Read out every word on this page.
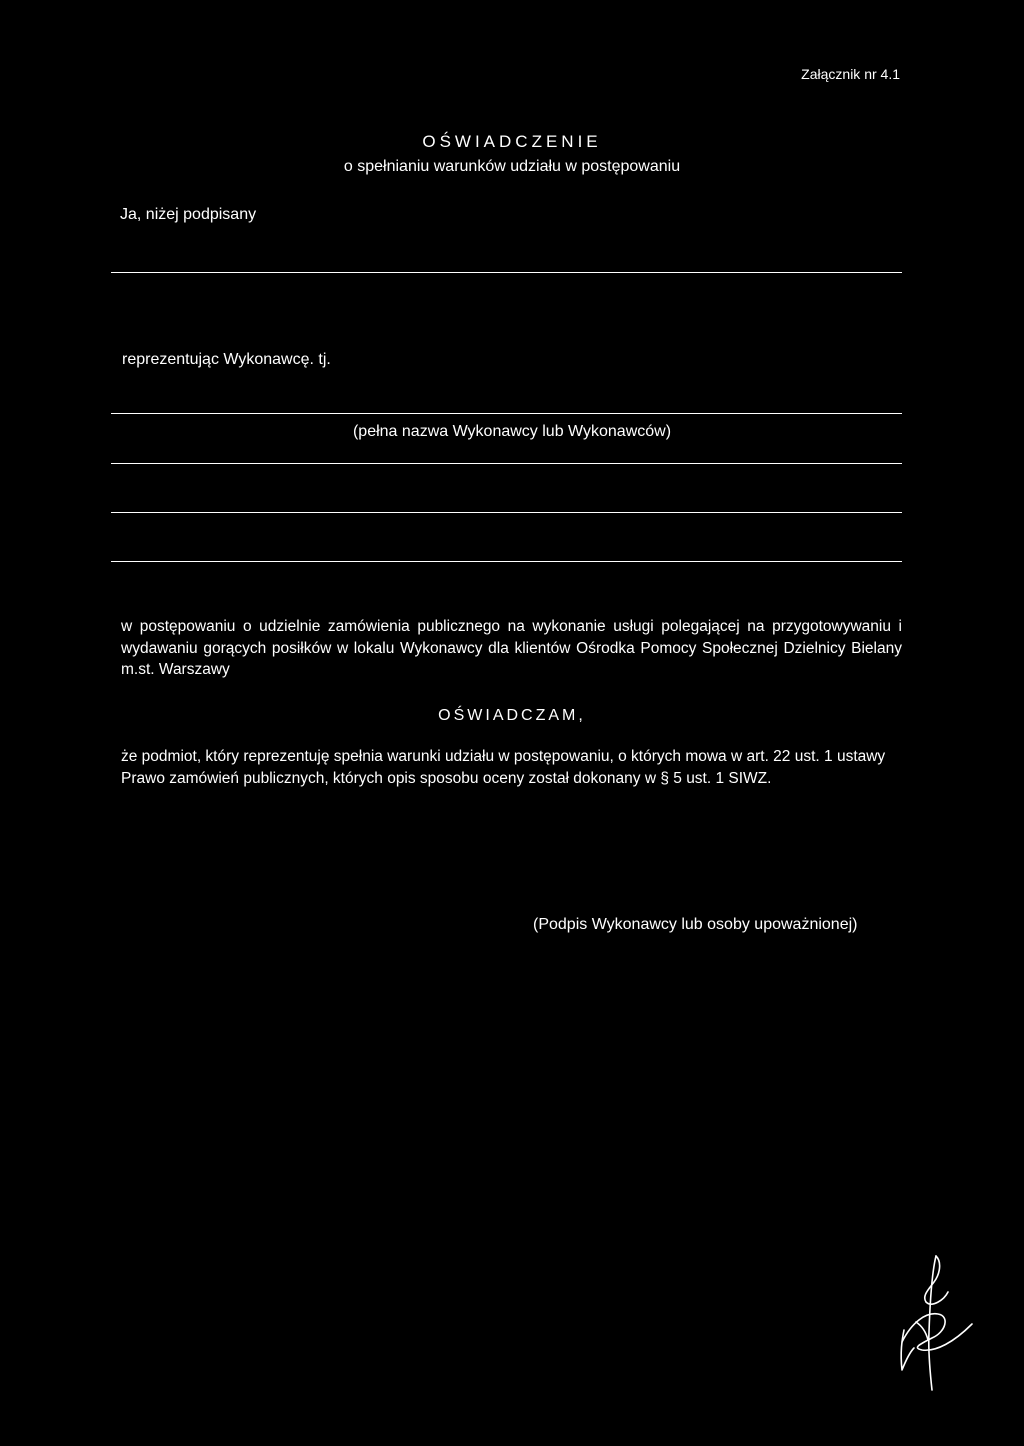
Załącznik nr 4.1

OŚWIADCZENIE

o spełnianiu warunków udziału w postępowaniu

Ja, niżej podpisany

reprezentując Wykonawcę. tj.

(pełna nazwa Wykonawcy lub Wykonawców)

w postępowaniu o udzielnie zamówienia publicznego na wykonanie usługi polegającej na przygotowywaniu i wydawaniu gorących posiłków w lokalu Wykonawcy dla klientów Ośrodka Pomocy Społecznej Dzielnicy Bielany m.st. Warszawy

OŚWIADCZAM,

że podmiot, który reprezentuję spełnia warunki udziału w postępowaniu, o których mowa w art. 22 ust. 1 ustawy Prawo zamówień publicznych, których opis sposobu oceny został dokonany w § 5 ust. 1 SIWZ.

(Podpis Wykonawcy lub osoby upoważnionej)
